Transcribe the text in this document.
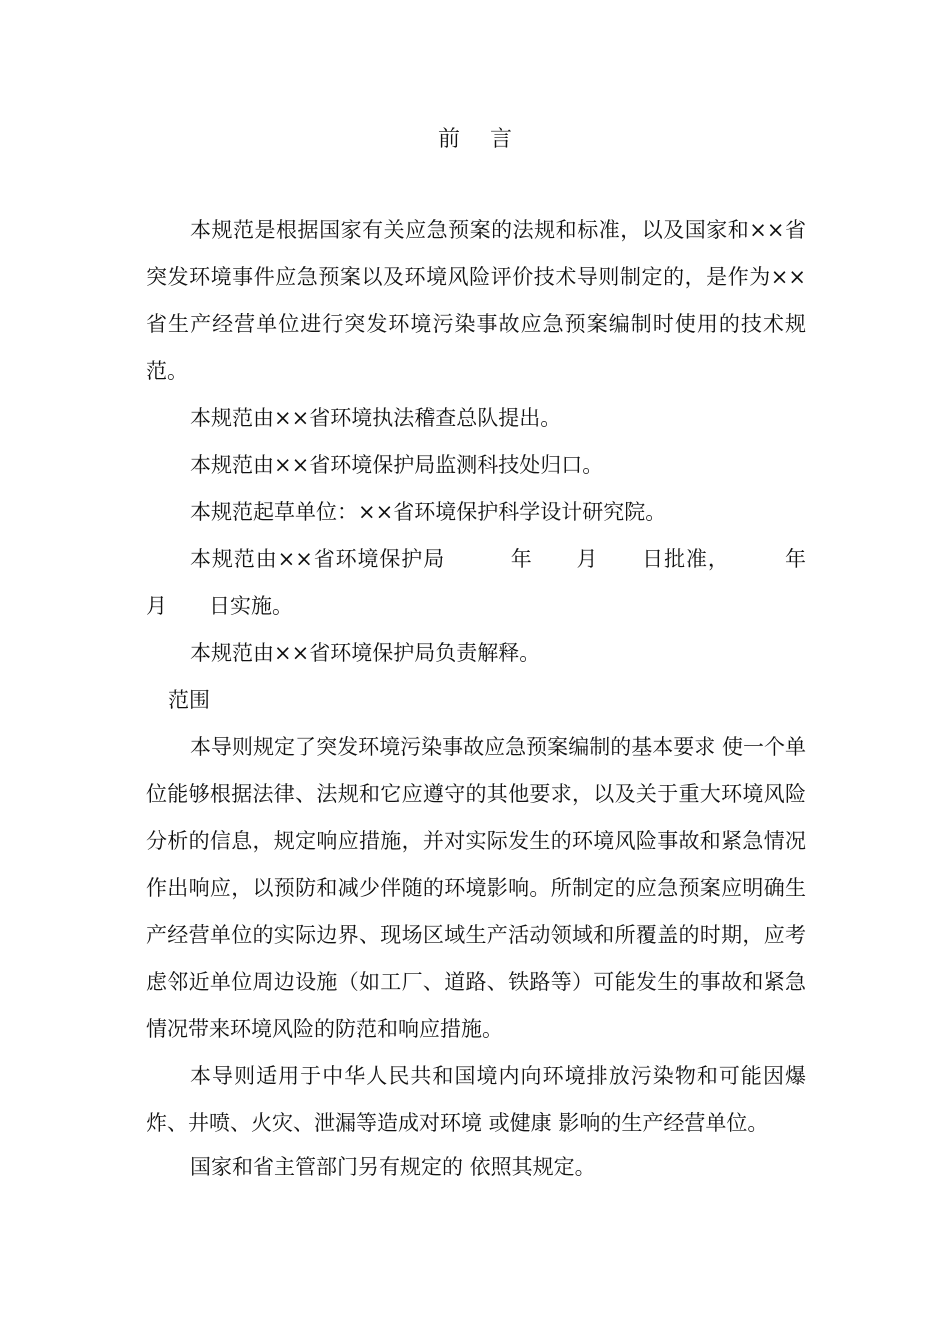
前言

本规范是根据国家有关应急预案的法规和标准，以及国家和××省突发环境事件应急预案以及环境风险评价技术导则制定的，是作为××省生产经营单位进行突发环境污染事故应急预案编制时使用的技术规范。

本规范由××省环境执法稽查总队提出。

本规范由××省环境保护局监测科技处归口。

本规范起草单位：××省环境保护科学设计研究院。

本规范由××省环境保护局　　　年　　月　　日批准，　　　年　　月　　日实施。

本规范由××省环境保护局负责解释。

范围

本导则规定了突发环境污染事故应急预案编制的基本要求 使一个单位能够根据法律、法规和它应遵守的其他要求，以及关于重大环境风险分析的信息，规定响应措施，并对实际发生的环境风险事故和紧急情况作出响应，以预防和减少伴随的环境影响。所制定的应急预案应明确生产经营单位的实际边界、现场区域生产活动领域和所覆盖的时期，应考虑邻近单位周边设施（如工厂、道路、铁路等）可能发生的事故和紧急情况带来环境风险的防范和响应措施。

本导则适用于中华人民共和国境内向环境排放污染物和可能因爆炸、井喷、火灾、泄漏等造成对环境 或健康 影响的生产经营单位。

国家和省主管部门另有规定的 依照其规定。
